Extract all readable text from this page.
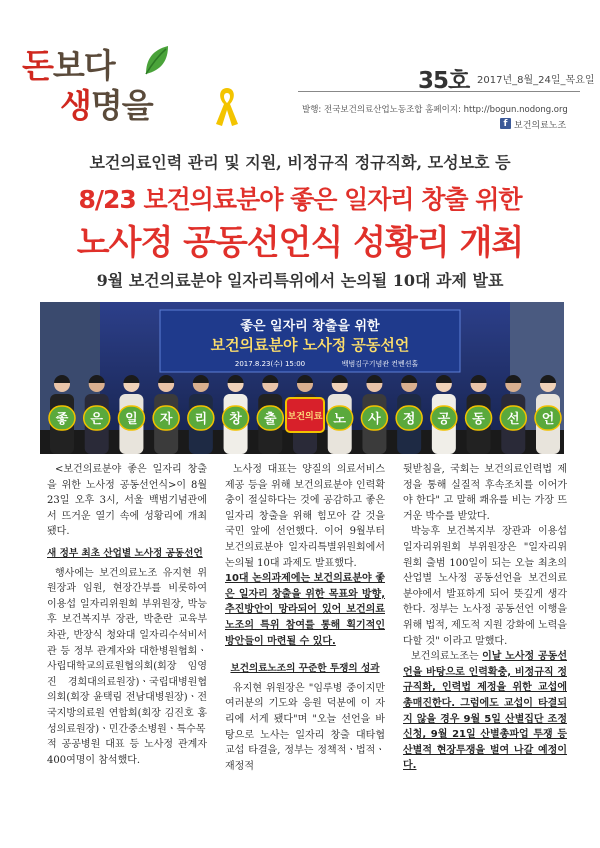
돈보다
생명을
35호 2017년_8월_24일_목요일
발행: 전국보건의료산업노동조합 홈페이지: http://bogun.nodong.org
f 보건의료노조
보건의료인력 관리 및 지원, 비정규직 정규직화, 모성보호 등
8/23 보건의료분야 좋은 일자리 창출 위한
노사정 공동선언식 성황리 개최
9월 보건의료분야 일자리특위에서 논의될 10대 과제 발표
좋은 일자리 창출을 위한
보건의료분야 노사정 공동선언
2017.8.23(수) 15:00	백범김구기념관 컨벤션홀
좋 은 일 자 리 창 출 보건의료 노 사 정 공 동 선 언

<보건의료분야 좋은 일자리 창출을 위한 노사정 공동선언식>이 8월 23일 오후 3시, 서울 백범기념관에서 뜨거운 열기 속에 성황리에 개최됐다.

새 정부 최초 산업별 노사정 공동선언

행사에는 보건의료노조 유지현 위원장과 임원, 현장간부를 비롯하여 이용섭 일자리위원회 부위원장, 박능후 보건복지부 장관, 박춘란 교육부 차관, 반장식 청와대 일자리수석비서관 등 정부 관계자와 대한병원협회ㆍ사립대학교의료원협의회(회장 임영진 경희대의료원장)ㆍ국립대병원협의회(회장 윤택림 전남대병원장)ㆍ전국지방의료원 연합회(회장 김진호 홍성의료원장)ㆍ민간중소병원ㆍ특수목적 공공병원 대표 등 노사정 관계자 400여명이 참석했다.

노사정 대표는 양질의 의료서비스 제공 등을 위해 보건의료분야 인력확충이 절실하다는 것에 공감하고 좋은 일자리 창출을 위해 힘모아 갈 것을 국민 앞에 선언했다. 이어 9월부터 보건의료분야 일자리특별위원회에서 논의될 10대 과제도 발표했다.

10대 논의과제에는 보건의료분야 좋은 일자리 창출을 위한 목표와 방향, 추진방안이 망라되어 있어 보건의료노조의 특위 참여를 통해 획기적인 방안들이 마련될 수 있다.

보건의료노조의 꾸준한 투쟁의 성과

유지현 위원장은 "임루병 중이지만 여러분의 기도와 응원 덕분에 이 자리에 서게 됐다"며 "오늘 선언을 바탕으로 노사는 일자리 창출 대타협 교섭 타결을, 정부는 정책적ㆍ법적ㆍ재정적

뒷받침을, 국회는 보건의료인력법 제정을 통해 실질적 후속조치를 이어가야 한다" 고 말해 쾌유를 비는 가장 뜨거운 박수를 받았다.

박능후 보건복지부 장관과 이용섭 일자리위원회 부위원장은 "일자리위원회 출범 100일이 되는 오늘 최초의 산업별 노사정 공동선언을 보건의료분야에서 발표하게 되어 뜻깊게 생각한다. 정부는 노사정 공동선언 이행을 위해 법적, 제도적 지원 강화에 노력을 다할 것" 이라고 말했다.

보건의료노조는 이날 노사정 공동선언을 바탕으로 인력확충, 비정규직 정규직화, 인력법 제정을 위한 교섭에 총매진한다. 그럼에도 교섭이 타결되지 않을 경우 9월 5일 산별집단 조정신청, 9월 21일 산별총파업 투쟁 등 산별적 현장투쟁을 벌여 나갈 예정이다.
